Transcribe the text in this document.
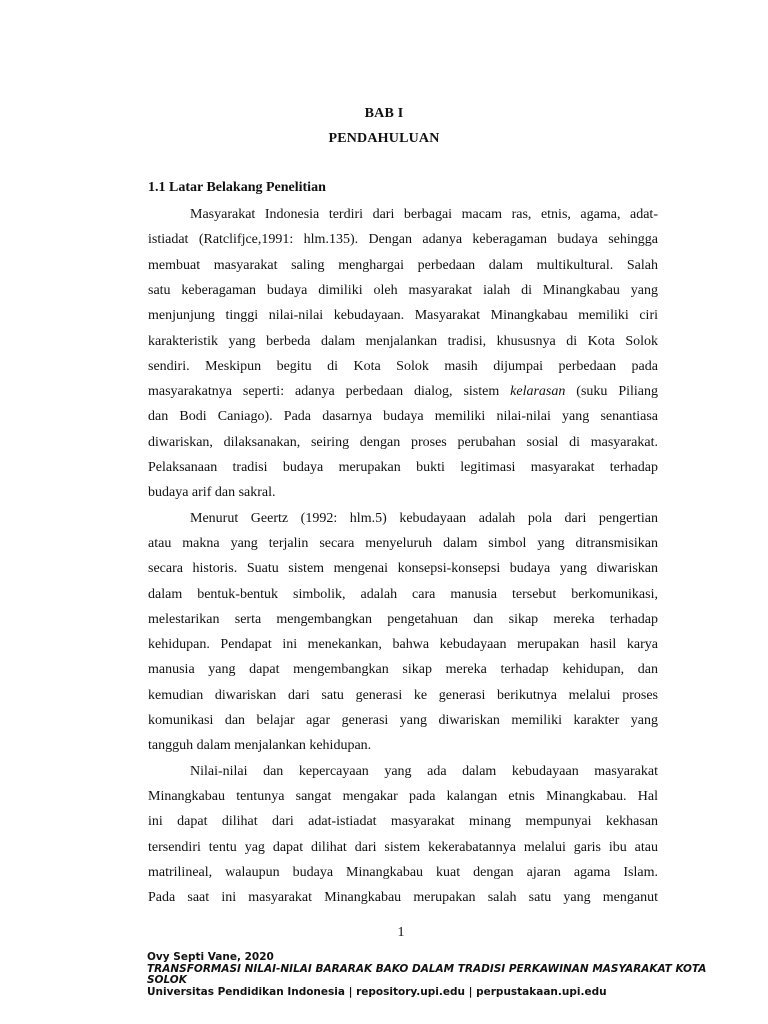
BAB I
PENDAHULUAN
1.1 Latar Belakang Penelitian
Masyarakat Indonesia terdiri dari berbagai macam ras, etnis, agama, adat-
istiadat (Ratclifjce,1991: hlm.135). Dengan adanya keberagaman budaya sehingga
membuat masyarakat saling menghargai perbedaan dalam multikultural. Salah
satu keberagaman budaya dimiliki oleh masyarakat ialah di Minangkabau yang
menjunjung tinggi nilai-nilai kebudayaan. Masyarakat Minangkabau memiliki ciri
karakteristik yang berbeda dalam menjalankan tradisi, khususnya di Kota Solok
sendiri. Meskipun begitu di Kota Solok masih dijumpai perbedaan pada
masyarakatnya seperti: adanya perbedaan dialog, sistem kelarasan (suku Piliang
dan Bodi Caniago). Pada dasarnya budaya memiliki nilai-nilai yang senantiasa
diwariskan, dilaksanakan, seiring dengan proses perubahan sosial di masyarakat.
Pelaksanaan tradisi budaya merupakan bukti legitimasi masyarakat terhadap
budaya arif dan sakral.
Menurut Geertz (1992: hlm.5) kebudayaan adalah pola dari pengertian
atau makna yang terjalin secara menyeluruh dalam simbol yang ditransmisikan
secara historis. Suatu sistem mengenai konsepsi-konsepsi budaya yang diwariskan
dalam bentuk-bentuk simbolik, adalah cara manusia tersebut berkomunikasi,
melestarikan serta mengembangkan pengetahuan dan sikap mereka terhadap
kehidupan. Pendapat ini menekankan, bahwa kebudayaan merupakan hasil karya
manusia yang dapat mengembangkan sikap mereka terhadap kehidupan, dan
kemudian diwariskan dari satu generasi ke generasi berikutnya melalui proses
komunikasi dan belajar agar generasi yang diwariskan memiliki karakter yang
tangguh dalam menjalankan kehidupan.
Nilai-nilai dan kepercayaan yang ada dalam kebudayaan masyarakat
Minangkabau tentunya sangat mengakar pada kalangan etnis Minangkabau. Hal
ini dapat dilihat dari adat-istiadat masyarakat minang mempunyai kekhasan
tersendiri tentu yag dapat dilihat dari sistem kekerabatannya melalui garis ibu atau
matrilineal, walaupun budaya Minangkabau kuat dengan ajaran agama Islam.
Pada saat ini masyarakat Minangkabau merupakan salah satu yang menganut
1
Ovy Septi Vane, 2020
TRANSFORMASI NILAI-NILAI BARARAK BAKO DALAM TRADISI PERKAWINAN MASYARAKAT KOTA
SOLOK
Universitas Pendidikan Indonesia | repository.upi.edu | perpustakaan.upi.edu
